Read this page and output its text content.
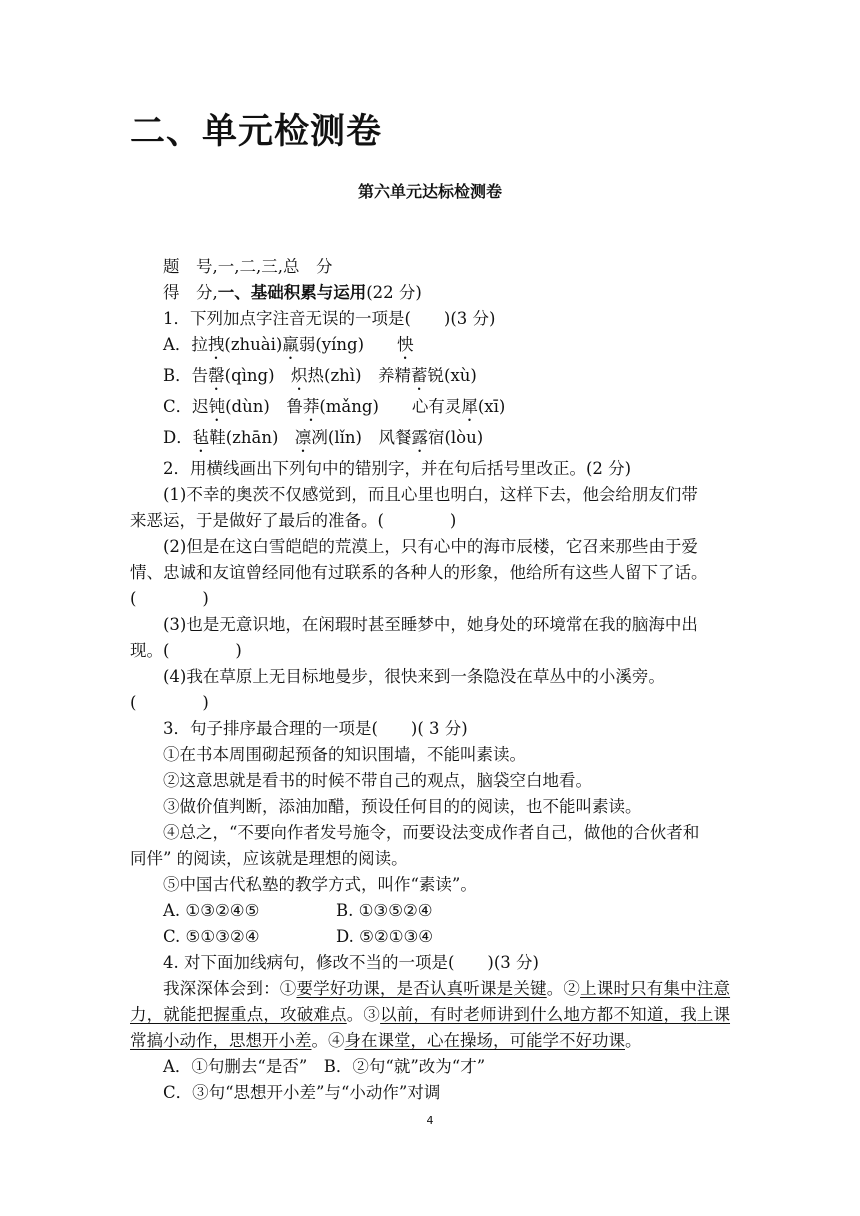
二、单元检测卷
第六单元达标检测卷

题　号,一,二,三,总　分

得　分,一、基础积累与运用(22 分)

1．下列加点字注音无误的一项是(　　)(3 分)

A．拉拽(zhuài)羸弱(yíng)　　怏

B．告罄(qìng)　炽热(zhì)　养精蓄锐(xù)

C．迟钝(dùn)　鲁莽(mǎng)　　心有灵犀(xī)

D．毡鞋(zhān)　凛冽(lǐn)　风餐露宿(lòu)

2．用横线画出下列句中的错别字，并在句后括号里改正。(2 分)

(1)不幸的奥茨不仅感觉到，而且心里也明白，这样下去，他会给朋友们带

来恶运，于是做好了最后的准备。(　　　　)

(2)但是在这白雪皑皑的荒漠上，只有心中的海市辰楼，它召来那些由于爱

情、忠诚和友谊曾经同他有过联系的各种人的形象，他给所有这些人留下了话。

(　　　　)

(3)也是无意识地，在闲瑕时甚至睡梦中，她身处的环境常在我的脑海中出

现。(　　　　)

(4)我在草原上无目标地曼步，很快来到一条隐没在草丛中的小溪旁。

(　　　　)

3．句子排序最合理的一项是(　　)( 3 分)

①在书本周围砌起预备的知识围墙，不能叫素读。

②这意思就是看书的时候不带自己的观点，脑袋空白地看。

③做价值判断，添油加醋，预设任何目的的阅读，也不能叫素读。

④总之，“不要向作者发号施令，而要设法变成作者自己，做他的合伙者和

同伴” 的阅读，应该就是理想的阅读。

⑤中国古代私塾的教学方式，叫作“素读”。

A. ①③②④⑤	B. ①③⑤②④

C. ⑤①③②④	D. ⑤②①③④

4. 对下面加线病句，修改不当的一项是(　　)(3 分)

我深深体会到：①要学好功课，是否认真听课是关键。②上课时只有集中注意力，就能把握重点，攻破难点。③以前，有时老师讲到什么地方都不知道，我上课常搞小动作，思想开小差。④身在课堂，心在操场，可能学不好功课。

A．①句删去“是否”　B．②句“就”改为“才”

C．③句“思想开小差”与“小动作”对调

4
